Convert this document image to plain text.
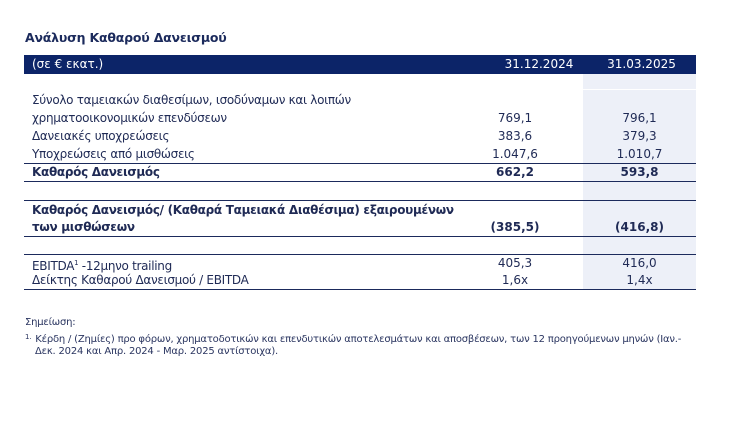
Ανάλυση Καθαρού Δανεισμού
(σε € εκατ.)	31.12.2024	31.03.2025
Σύνολο ταμειακών διαθεσίμων, ισοδύναμων και λοιπών
χρηματοοικονομικών επενδύσεων	769,1	796,1
Δανειακές υποχρεώσεις	383,6	379,3
Υποχρεώσεις από μισθώσεις	1.047,6	1.010,7
Καθαρός Δανεισμός	662,2	593,8
Καθαρός Δανεισμός/ (Καθαρά Ταμειακά Διαθέσιμα) εξαιρουμένων
των μισθώσεων	(385,5)	(416,8)
EBITDA$^1$ -12μηνο trailing	405,3	416,0
Δείκτης Καθαρού Δανεισμού / EBITDA	1,6x	1,4x
Σημείωση:
$^{1.}$ Κέρδη / (Ζημίες) προ φόρων, χρηματοδοτικών και επενδυτικών αποτελεσμάτων και αποσβέσεων, των 12 προηγούμενων μηνών (Ιαν.-
Δεκ. 2024 και Απρ. 2024 - Μαρ. 2025 αντίστοιχα).
